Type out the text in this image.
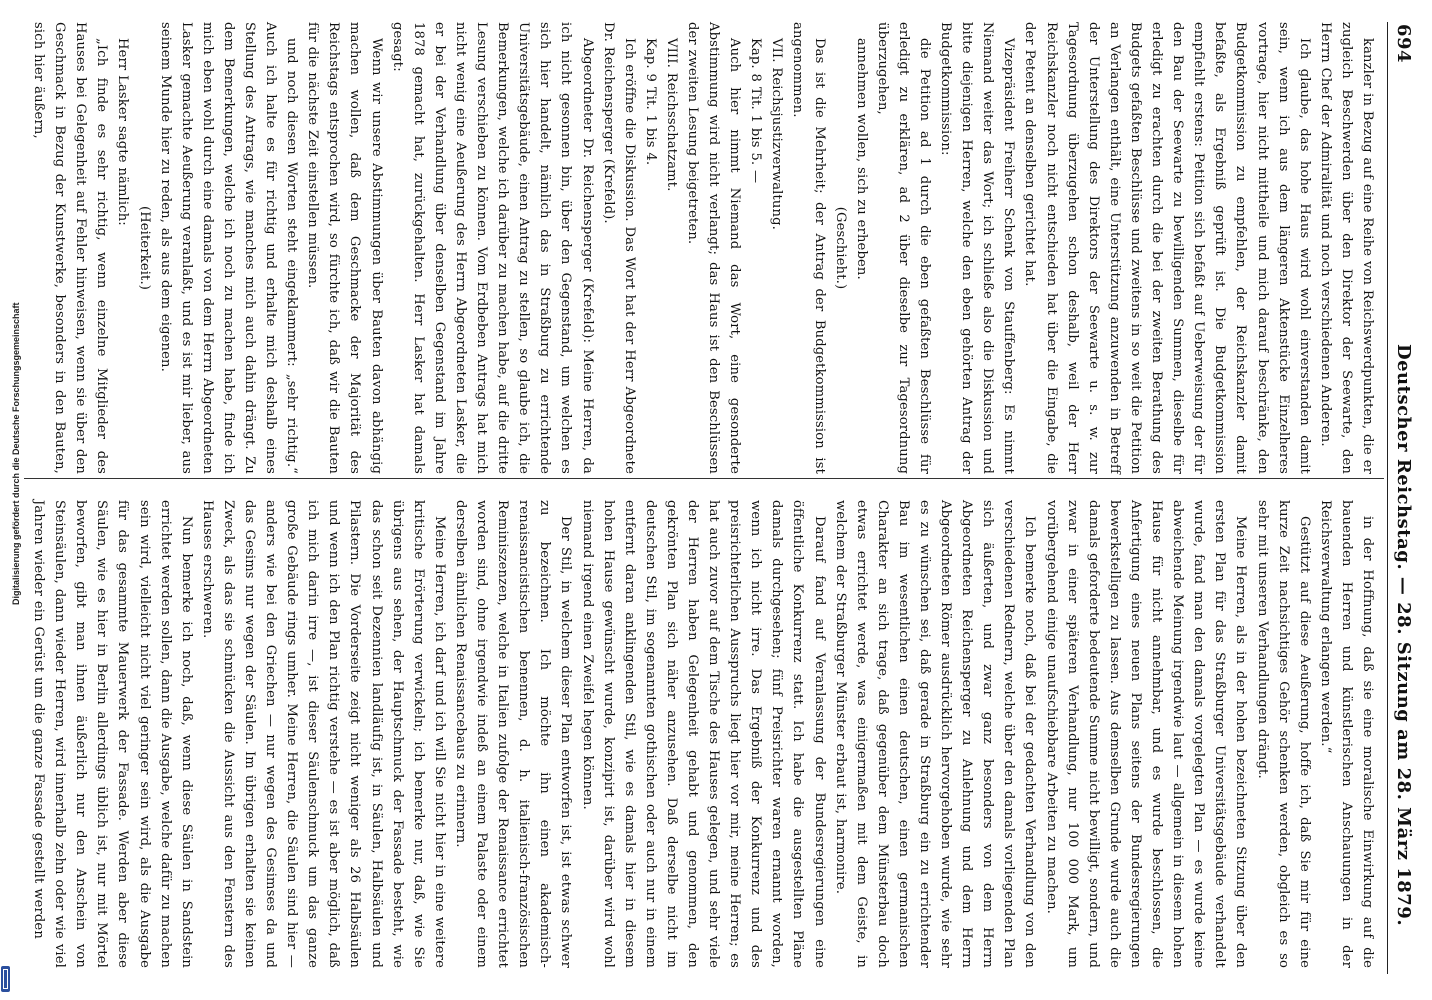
694
Deutscher Reichstag. — 28. Sitzung am 28. März 1879.

kanzler in Bezug auf eine Reihe von Reichswerdpunkten, die er zugleich Beschwerden über den Direktor der Seewarte, den Herrn Chef der Admiralität und noch verschiedenen Anderen.

Ich glaube, das hohe Haus wird wohl einverstanden damit sein, wenn ich aus dem längeren Aktenstücke Einzelheres vortrage, hier nicht mittheile und mich darauf beschränke, den Budgetkommission zu empfehlen, der Reichskanzler damit befaßte, als Ergebniß geprüft ist. Die Budgetkommission empfiehlt erstens: Petition sich befaßt auf Ueberweisung der für den Bau der Seewarte zu bewilligenden Summen, dieselbe für erledigt zu erachten durch die bei der zweiten Berathung des Budgets gefaßten Beschlüsse und zweitens in so weit die Petition an Verlangen enthält, eine Unterstützung anzuwenden in Betreff der Unterstellung des Direktors der Seewarte u. s. w. zur Tagesordnung überzugehen schon deshalb, weil der Herr Reichskanzler noch nicht entschieden hat über die Eingabe, die der Petent an denselben gerichtet hat.

Vizepräsident Freiherr Schenk von Stauffenberg: Es nimmt Niemand weiter das Wort; ich schließe also die Diskussion und bitte diejenigen Herren, welche den eben gehörten Antrag der Budgetkommission:

die Petition ad 1 durch die eben gefaßten Beschlüsse für erledigt zu erklären, ad 2 über dieselbe zur Tagesordnung überzugehen,

annehmen wollen, sich zu erheben.

(Geschieht.)

Das ist die Mehrheit; der Antrag der Budgetkommission ist angenommen.

VII. Reichsjustizverwaltung.

Kap. 8 Tit. 1 bis 5. —

Auch hier nimmt Niemand das Wort, eine gesonderte Abstimmung wird nicht verlangt; das Haus ist den Beschlüssen der zweiten Lesung beigetreten.

VIII. Reichsschatzamt.

Kap. 9 Tit. 1 bis 4.

Ich eröffne die Diskussion. Das Wort hat der Herr Abgeordnete Dr. Reichensperger (Krefeld).

Abgeordneter Dr. Reichensperger (Krefeld): Meine Herren, da ich nicht gesonnen bin, über den Gegenstand, um welchen es sich hier handelt, nämlich das in Straßburg zu errichtende Universitätsgebäude, einen Antrag zu stellen, so glaube ich, die Bemerkungen, welche ich darüber zu machen habe, auf die dritte Lesung verschieben zu können. Vom Erdbeben Antrags hat mich nicht wenig eine Aeußerung des Herrn Abgeordneten Lasker, die er bei der Verhandlung über denselben Gegenstand im Jahre 1878 gemacht hat, zurückgehalten. Herr Lasker hat damals gesagt:

Wenn wir unsere Abstimmungen über Bauten davon abhängig machen wollen, daß dem Geschmacke der Majorität des Reichstags entsprochen wird, so fürchte ich, daß wir die Bauten für die nächste Zeit einstellen müssen.

und noch diesen Worten steht eingeklammert: „sehr richtig.“ Auch ich halte es für richtig und erhalte mich deshalb eines Stellung des Antrags, wie manches mich auch dahin drängt. Zu dem Bemerkungen, welche ich noch zu machen habe, finde ich mich eben wohl durch eine damals von dem Herrn Abgeordneten Lasker gemachte Aeußerung veranlaßt, und es ist mir lieber, aus seinem Munde hier zu reden, als aus dem eigenen.

(Heiterkeit.)

Herr Lasker sagte nämlich:

„Ich finde es sehr richtig, wenn einzelne Mitglieder des Hauses bei Gelegenheit auf Fehler hinweisen, wenn sie über den Geschmack in Bezug der Kunstwerke, besonders in den Bauten, sich hier äußern,

in der Hoffnung, daß sie eine moralische Einwirkung auf die bauenden Herren und künstlerischen Anschauungen in der Reichsverwaltung erlangen werden.“

Gestützt auf diese Aeußerung, hoffe ich, daß Sie mir für eine kurze Zeit nachsichtiges Gehör schenken werden, obgleich es so sehr mit unseren Verhandlungen drängt.

Meine Herren, als in der hohen bezeichneten Sitzung über den ersten Plan für das Straßburger Universitätsgebäude verhandelt wurde, fand man den damals vorgelegten Plan — es wurde keine abweichende Meinung irgendwie laut — allgemein in diesem hohen Hause für nicht annehmbar, und es wurde beschlossen, die Anfertigung eines neuen Plans seitens der Bundesregierungen bewerkstelligen zu lassen. Aus demselben Grunde wurde auch die damals geforderte bedeutende Summe nicht bewilligt, sondern, und zwar in einer späteren Verhandlung, nur 100 000 Mark, um vorübergehend einige unaufschiebbare Arbeiten zu machen.

Ich bemerke noch, daß bei der gedachten Verhandlung von den verschiedenen Rednern, welche über den damals vorliegenden Plan sich äußerten, und zwar ganz besonders von dem Herrn Abgeordneten Reichensperger zu Anlehnung und dem Herrn Abgeordneten Römer ausdrücklich hervorgehoben wurde, wie sehr es zu wünschen sei, daß gerade in Straßburg ein zu errichtender Bau im wesentlichen einen deutschen, einen germanischen Charakter an sich trage, daß gegenüber dem Münsterbau doch etwas errichtet werde, was einigermaßen mit dem Geiste, in welchem der Straßburger Münster erbaut ist, harmonire.

Darauf fand auf Veranlassung der Bundesregierungen eine öffentliche Konkurrenz statt. Ich habe die ausgestellten Pläne damals durchgesehen; fünf Preisrichter waren ernannt worden, wenn ich nicht irre. Das Ergebniß der Konkurrenz und des preisrichterlichen Ausspruchs liegt hier vor mir, meine Herren; es hat auch zuvor auf dem Tische des Hauses gelegen, und sehr viele der Herren haben Gelegenheit gehabt und genommen, den gekrönten Plan sich näher anzusehen. Daß derselbe nicht im deutschen Stil, im sogenannten gothischen oder auch nur in einem entfernt daran anklingenden Stil, wie es damals hier in diesem hohen Hause gewünscht wurde, konzipirt ist, darüber wird wohl niemand irgend einen Zweifel hegen können.

Der Stil, in welchem dieser Plan entworfen ist, ist etwas schwer zu bezeichnen. Ich möchte ihn einen akademisch-renaissancistischen benennen, d. h. italienisch-französischen Reminiszenzen, welche in Italien zufolge der Renaissance errichtet worden sind, ohne irgendwie indeß an einem Palaste oder einem derselben ähnlichen Renaissancebaus zu erinnern.

Meine Herren, ich darf und ich will Sie nicht hier in eine weitere kritische Erörterung verwickeln; ich bemerke nur, daß, wie Sie übrigens aus sehen, der Hauptschmuck der Fassade besteht, wie das schon seit Dezennien landläufig ist, in Säulen, Halbsäulen und Pilastern. Die Vorderseite zeigt nicht weniger als 26 Halbsäulen und wenn ich den Plan richtig verstehe — es ist aber möglich, daß ich mich darin irre —, ist dieser Säulenschmuck um das ganze große Gebäude rings umher. Meine Herren, die Säulen sind hier — anders wie bei den Griechen — nur wegen des Gesimses da und das Gesims nur wegen der Säulen. Im übrigen erhalten sie keinen Zweck, als das sie schmücken die Aussicht aus den Fenstern des Hauses erschweren.

Nun bemerke ich noch, daß, wenn diese Säulen in Sandstein errichtet werden sollen, dann die Ausgabe, welche dafür zu machen sein wird, vielleicht nicht viel geringer sein wird, als die Ausgabe für das gesammte Mauerwerk der Fassade. Werden aber diese Säulen, wie es hier in Berlin allerdings üblich ist, nur mit Mörtel beworfen, gibt man ihnen äußerlich nur den Anschein von Steinsäulen, dann wieder Herren, wird innerhalb zehn oder wie viel Jahren wieder ein Gerüst um die ganze Fassade gestellt werden

Digitalisierung gefördert durch die Deutsche Forschungsgemeinschaft
